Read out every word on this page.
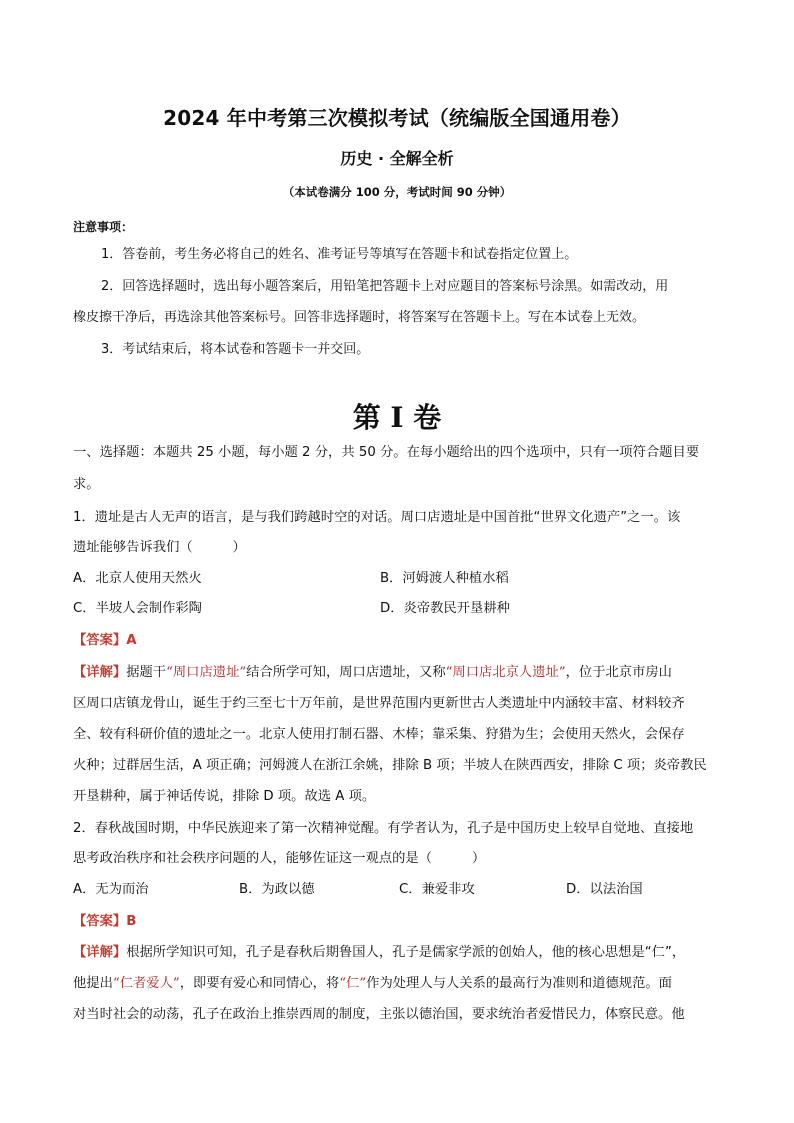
2024 年中考第三次模拟考试（统编版全国通用卷）
历史 · 全解全析
（本试卷满分 100 分，考试时间 90 分钟）
注意事项：
1．答卷前，考生务必将自己的姓名、准考证号等填写在答题卡和试卷指定位置上。
2．回答选择题时，选出每小题答案后，用铅笔把答题卡上对应题目的答案标号涂黑。如需改动，用
橡皮擦干净后，再选涂其他答案标号。回答非选择题时，将答案写在答题卡上。写在本试卷上无效。
3．考试结束后，将本试卷和答题卡一并交回。
第 I 卷
一、选择题：本题共 25 小题，每小题 2 分，共 50 分。在每小题给出的四个选项中，只有一项符合题目要
求。
1．遗址是古人无声的语言，是与我们跨越时空的对话。周口店遗址是中国首批“世界文化遗产”之一。该
遗址能够告诉我们（　　　）
A．北京人使用天然火	B．河姆渡人种植水稻
C．半坡人会制作彩陶	D．炎帝教民开垦耕种
【答案】A
【详解】据题干“周口店遗址”结合所学可知，周口店遗址，又称“周口店北京人遗址”，位于北京市房山
区周口店镇龙骨山，诞生于约三至七十万年前，是世界范围内更新世古人类遗址中内涵较丰富、材料较齐
全、较有科研价值的遗址之一。北京人使用打制石器、木棒；靠采集、狩猎为生；会使用天然火，会保存
火种；过群居生活，A 项正确；河姆渡人在浙江余姚，排除 B 项；半坡人在陕西西安，排除 C 项；炎帝教民
开垦耕种，属于神话传说，排除 D 项。故选 A 项。
2．春秋战国时期，中华民族迎来了第一次精神觉醒。有学者认为，孔子是中国历史上较早自觉地、直接地
思考政治秩序和社会秩序问题的人，能够佐证这一观点的是（　　　）
A．无为而治	B．为政以德	C．兼爱非攻	D．以法治国
【答案】B
【详解】根据所学知识可知，孔子是春秋后期鲁国人，孔子是儒家学派的创始人，他的核心思想是“仁”，
他提出“仁者爱人”，即要有爱心和同情心，将“仁”作为处理人与人关系的最高行为准则和道德规范。面
对当时社会的动荡，孔子在政治上推崇西周的制度，主张以德治国，要求统治者爱惜民力，体察民意。他
